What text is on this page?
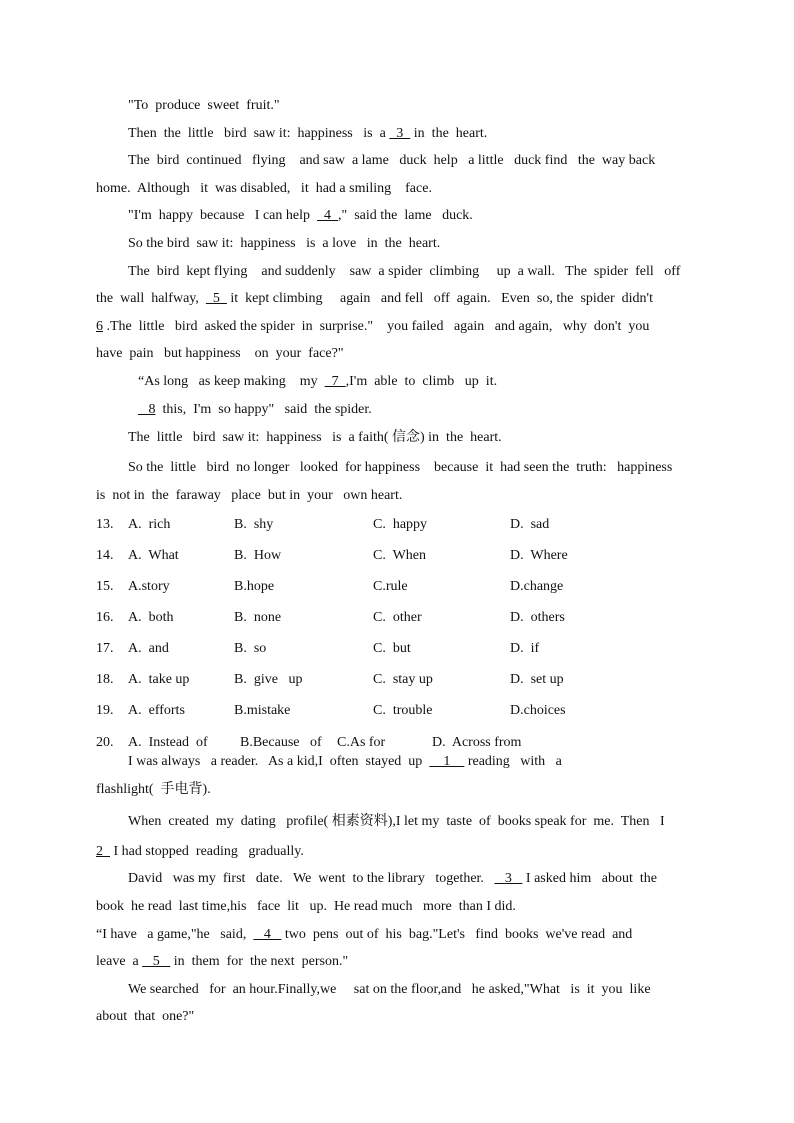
"To  produce  sweet  fruit."
Then  the  little   bird  saw it:  happiness   is  a   3   in  the  heart.
The  bird  continued   flying    and saw  a lame   duck  help   a little   duck find   the  way back
home.  Although   it  was disabled,   it  had a smiling    face.
"I'm  happy  because   I can help    4  ,"  said the  lame   duck.
So the bird  saw it:  happiness   is  a love   in  the  heart.
The  bird  kept flying    and suddenly    saw  a spider  climbing     up  a wall.   The  spider  fell   off
the  wall  halfway,    5   it  kept climbing     again   and fell   off  again.   Even  so, the  spider  didn't
6 .The  little   bird  asked the spider  in  surprise."    you failed   again   and again,   why  don't  you
have  pain   but happiness    on  your  face?"
“As long   as keep making    my    7  ,I'm  able  to  climb   up  it.
8  this,  I'm  so happy"   said  the spider.
The  little   bird  saw it:  happiness   is  a faith( 信念) in  the  heart.
So the  little   bird  no longer   looked  for happiness    because  it  had seen the  truth:   happiness
is  not in  the  faraway   place  but in  your   own heart.
13. A.  rich	B.  shy	C.  happy	D.  sad
14. A.  What	B.  How	C.  When	D.  Where
15. A.story	B.hope	C.rule	D.change
16. A.  both	B.  none	C.  other	D.  others
17. A.  and	B.  so	C.  but	D.  if
18. A.  take up	B.  give   up	C.  stay up	D.  set up
19. A.  efforts	B.mistake	C.  trouble	D.choices
20. A.  Instead  of B.Because   of C.As for	D.  Across from
I was always   a reader.   As a kid,I  often  stayed  up      1     reading   with   a
flashlight(  手电背).
When  created  my  dating   profile( 相素资料),I let my  taste  of  books speak for  me.  Then   I
2   I had stopped  reading   gradually.
David   was my  first   date.   We  went  to the library   together.      3    I asked him   about  the
book  he read  last time,his   face  lit   up.  He read much   more  than I did.
“I have   a game,"he   said,     4    two  pens  out of  his  bag."Let's   find  books  we've read  and
leave  a    5    in  them  for  the next  person."
We searched   for  an hour.Finally,we     sat on the floor,and   he asked,"What   is  it  you  like
about  that  one?"
